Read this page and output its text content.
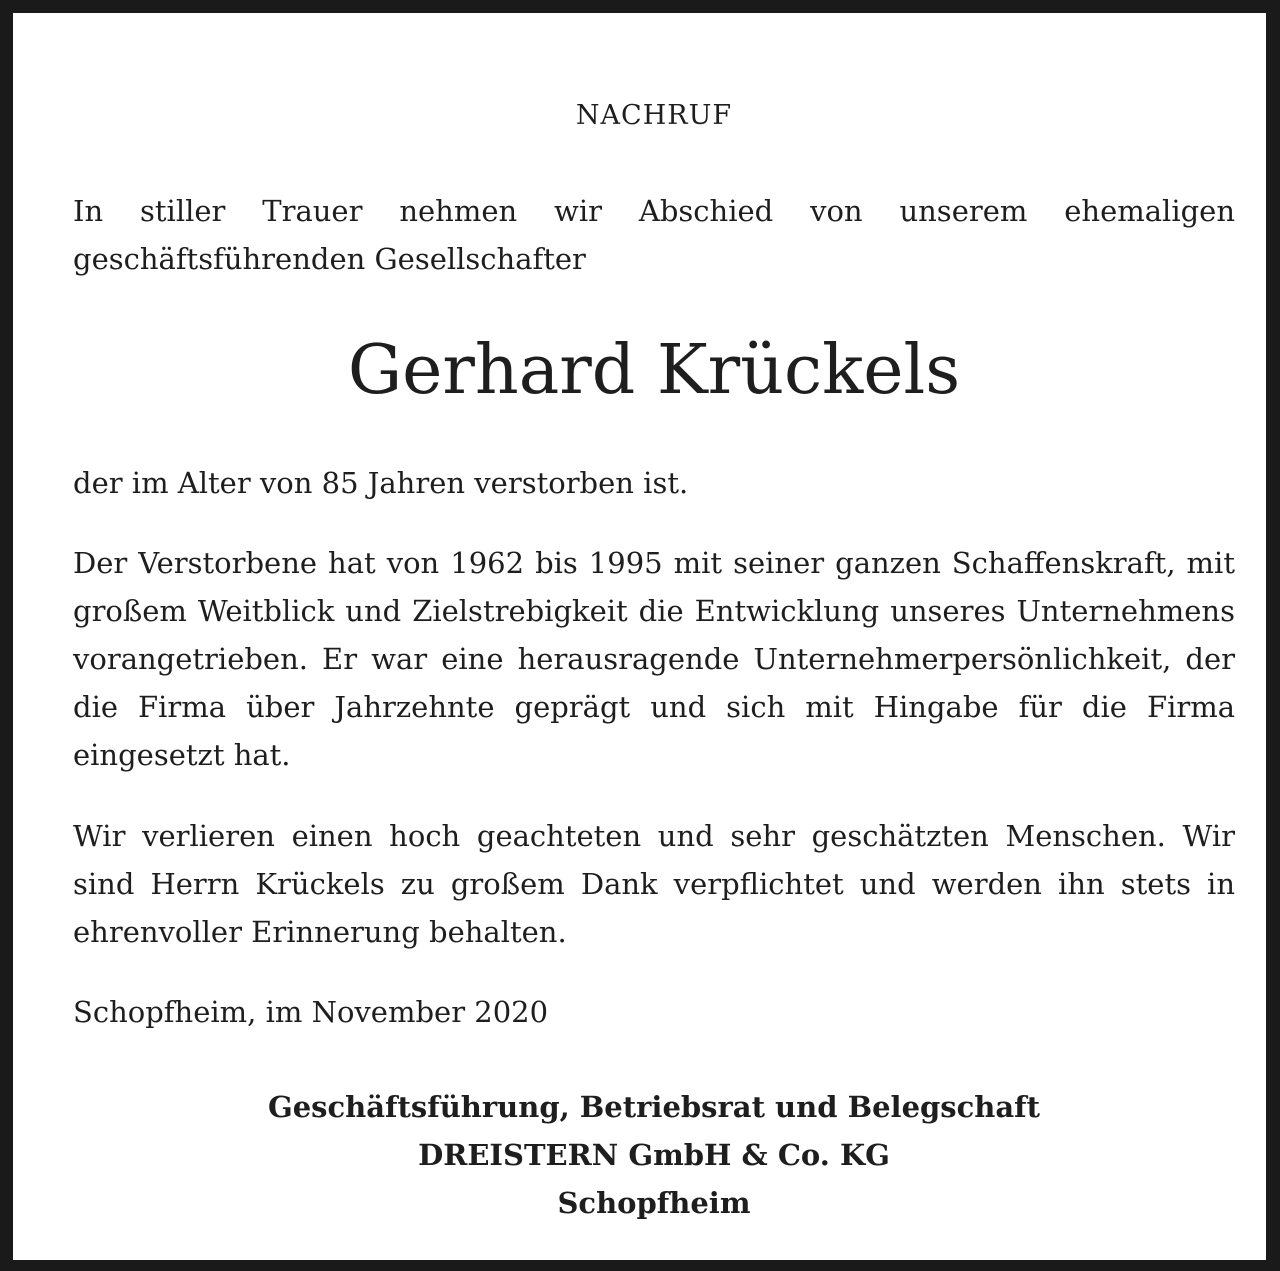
NACHRUF

In stiller Trauer nehmen wir Abschied von unserem ehemaligen geschäftsführenden Gesellschafter

Gerhard Krückels

der im Alter von 85 Jahren verstorben ist.

Der Verstorbene hat von 1962 bis 1995 mit seiner ganzen Schaffenskraft, mit großem Weitblick und Zielstrebigkeit die Entwicklung unseres Unternehmens vorangetrieben. Er war eine herausragende Unternehmerpersönlichkeit, der die Firma über Jahrzehnte geprägt und sich mit Hingabe für die Firma eingesetzt hat.

Wir verlieren einen hoch geachteten und sehr geschätzten Menschen. Wir sind Herrn Krückels zu großem Dank verpflichtet und werden ihn stets in ehrenvoller Erinnerung behalten.

Schopfheim, im November 2020

Geschäftsführung, Betriebsrat und Belegschaft
DREISTERN GmbH & Co. KG
Schopfheim
